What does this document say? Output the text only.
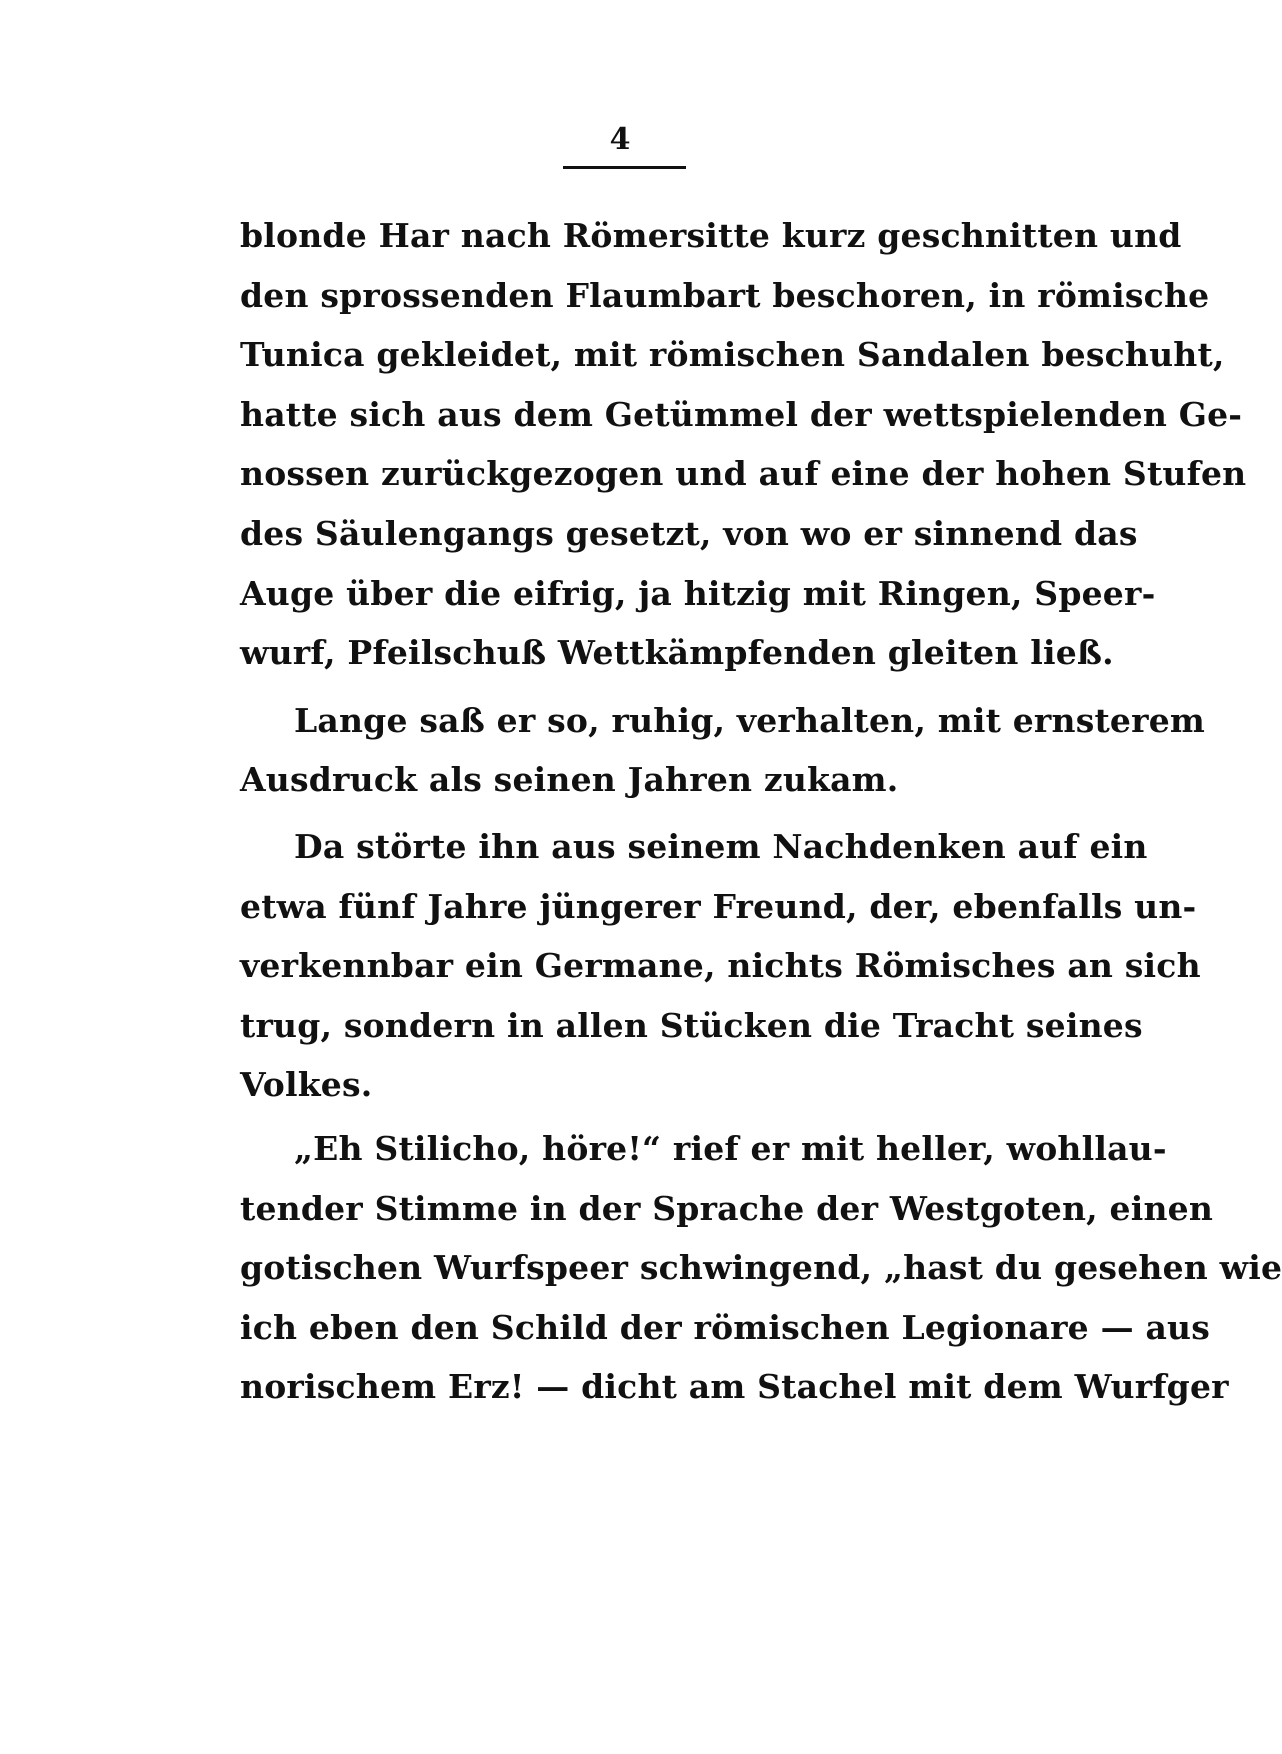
4
blonde Har nach Römersitte kurz geschnitten und
den sprossenden Flaumbart beschoren, in römische
Tunica gekleidet, mit römischen Sandalen beschuht,
hatte sich aus dem Getümmel der wettspielenden Ge-
nossen zurückgezogen und auf eine der hohen Stufen
des Säulengangs gesetzt, von wo er sinnend das
Auge über die eifrig, ja hitzig mit Ringen, Speer-
wurf, Pfeilschuß Wettkämpfenden gleiten ließ.
Lange saß er so, ruhig, verhalten, mit ernsterem
Ausdruck als seinen Jahren zukam.
Da störte ihn aus seinem Nachdenken auf ein
etwa fünf Jahre jüngerer Freund, der, ebenfalls un-
verkennbar ein Germane, nichts Römisches an sich
trug, sondern in allen Stücken die Tracht seines
Volkes.
„Eh Stilicho, höre!“ rief er mit heller, wohllau-
tender Stimme in der Sprache der Westgoten, einen
gotischen Wurfspeer schwingend, „hast du gesehen wie
ich eben den Schild der römischen Legionare — aus
norischem Erz! — dicht am Stachel mit dem Wurfger
